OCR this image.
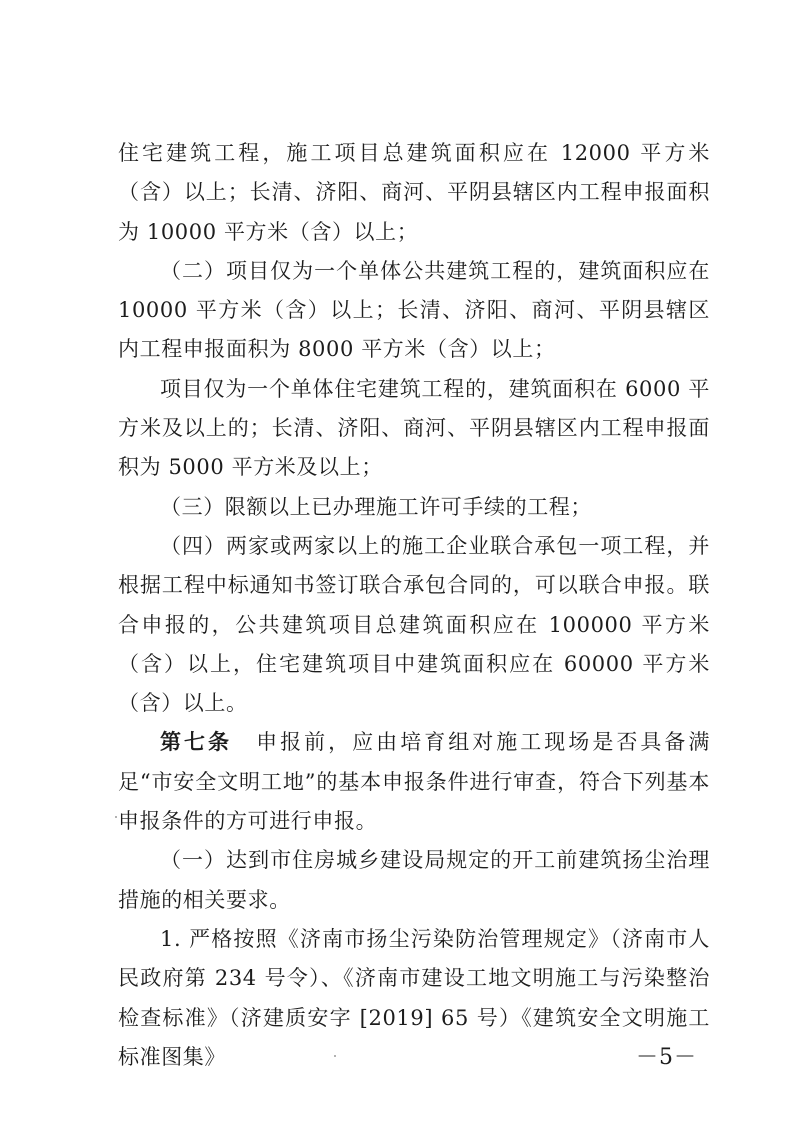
住宅建筑工程，施工项目总建筑面积应在 12000 平方米（含）以上；长清、济阳、商河、平阴县辖区内工程申报面积为 10000 平方米（含）以上；

（二）项目仅为一个单体公共建筑工程的，建筑面积应在 10000 平方米（含）以上；长清、济阳、商河、平阴县辖区内工程申报面积为 8000 平方米（含）以上；

项目仅为一个单体住宅建筑工程的，建筑面积在 6000 平方米及以上的；长清、济阳、商河、平阴县辖区内工程申报面积为 5000 平方米及以上；

（三）限额以上已办理施工许可手续的工程；

（四）两家或两家以上的施工企业联合承包一项工程，并根据工程中标通知书签订联合承包合同的，可以联合申报。联合申报的，公共建筑项目总建筑面积应在 100000 平方米（含）以上，住宅建筑项目中建筑面积应在 60000 平方米（含）以上。

第七条　 申报前，应由培育组对施工现场是否具备满足“市安全文明工地”的基本申报条件进行审查，符合下列基本申报条件的方可进行申报。

（一）达到市住房城乡建设局规定的开工前建筑扬尘治理措施的相关要求。

1. 严格按照《济南市扬尘污染防治管理规定》（济南市人民政府第 234 号令）、《济南市建设工地文明施工与污染整治检查标准》（济建质安字 [2019] 65 号）《建筑安全文明施工标准图集》	－5－
